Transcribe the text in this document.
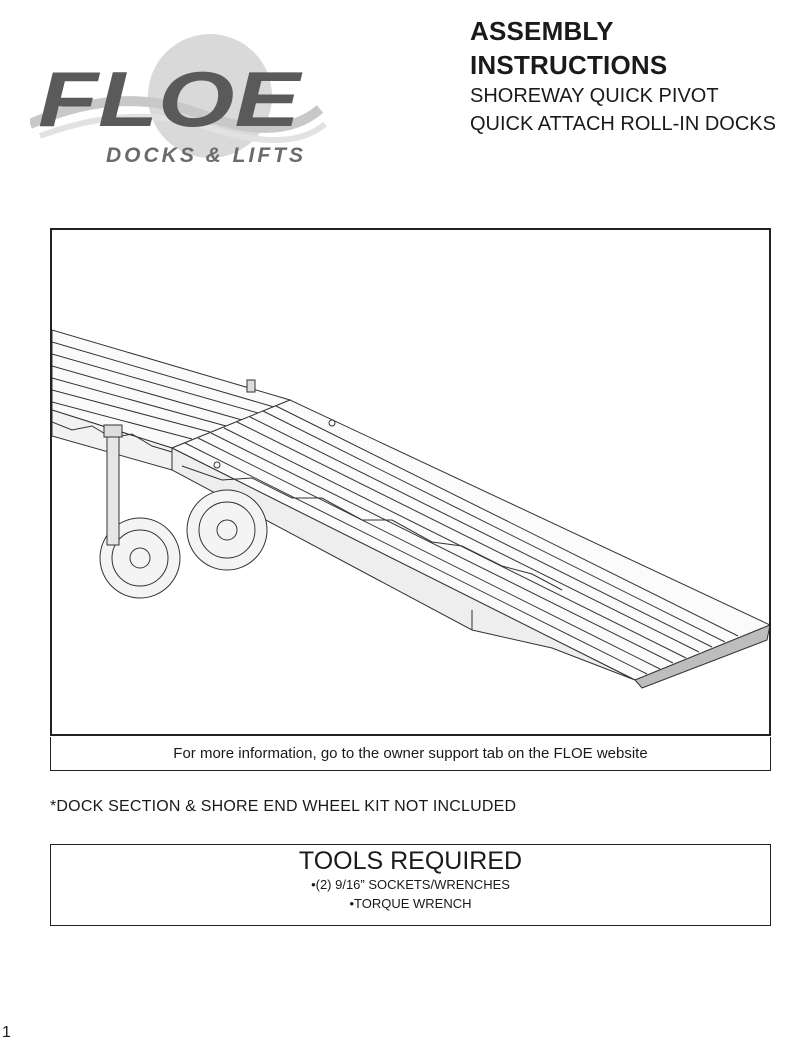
FLOE
DOCKS & LIFTS
ASSEMBLY INSTRUCTIONS
SHOREWAY QUICK PIVOT
QUICK ATTACH ROLL-IN DOCKS
For more information, go to the owner support tab on the FLOE website
*DOCK SECTION & SHORE END WHEEL KIT NOT INCLUDED
TOOLS REQUIRED
•(2) 9/16” SOCKETS/WRENCHES
•TORQUE WRENCH
1
